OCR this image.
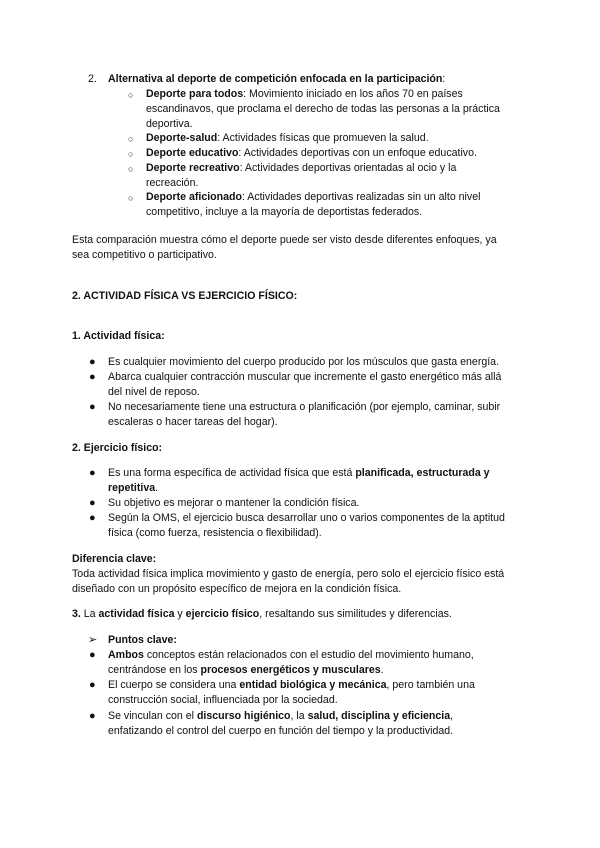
2. Alternativa al deporte de competición enfocada en la participación:
○ Deporte para todos: Movimiento iniciado en los años 70 en países
escandinavos, que proclama el derecho de todas las personas a la práctica
deportiva.
○ Deporte-salud: Actividades físicas que promueven la salud.
○ Deporte educativo: Actividades deportivas con un enfoque educativo.
○ Deporte recreativo: Actividades deportivas orientadas al ocio y la
recreación.
○ Deporte aficionado: Actividades deportivas realizadas sin un alto nivel
competitivo, incluye a la mayoría de deportistas federados.
Esta comparación muestra cómo el deporte puede ser visto desde diferentes enfoques, ya
sea competitivo o participativo.
2. ACTIVIDAD FÍSICA VS EJERCICIO FÍSICO:
1. Actividad física:
● Es cualquier movimiento del cuerpo producido por los músculos que gasta energía.
● Abarca cualquier contracción muscular que incremente el gasto energético más allá
del nivel de reposo.
● No necesariamente tiene una estructura o planificación (por ejemplo, caminar, subir
escaleras o hacer tareas del hogar).
2. Ejercicio físico:
● Es una forma específica de actividad física que está planificada, estructurada y
repetitiva.
● Su objetivo es mejorar o mantener la condición física.
● Según la OMS, el ejercicio busca desarrollar uno o varios componentes de la aptitud
física (como fuerza, resistencia o flexibilidad).
Diferencia clave:
Toda actividad física implica movimiento y gasto de energía, pero solo el ejercicio físico está
diseñado con un propósito específico de mejora en la condición física.
3. La actividad física y ejercicio físico, resaltando sus similitudes y diferencias.
➢ Puntos clave:
● Ambos conceptos están relacionados con el estudio del movimiento humano,
centrándose en los procesos energéticos y musculares.
● El cuerpo se considera una entidad biológica y mecánica, pero también una
construcción social, influenciada por la sociedad.
● Se vinculan con el discurso higiénico, la salud, disciplina y eficiencia,
enfatizando el control del cuerpo en función del tiempo y la productividad.
